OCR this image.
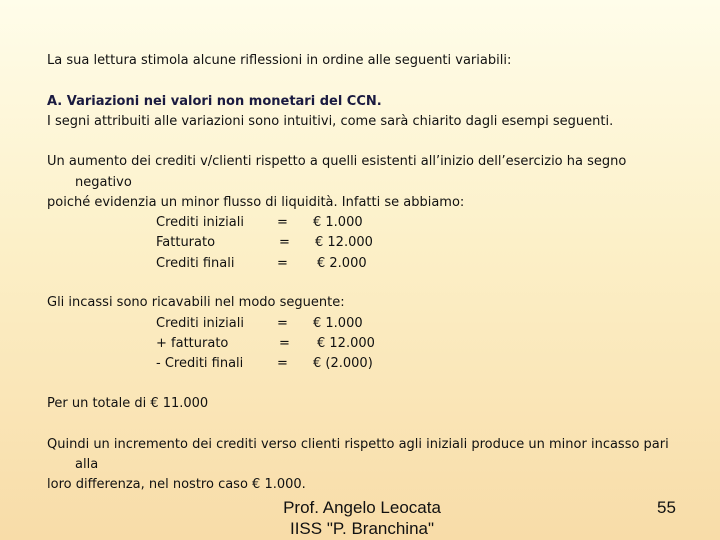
La sua lettura stimola alcune riflessioni in ordine alle seguenti variabili:
A. Variazioni nei valori non monetari del CCN.
I segni attribuiti alle variazioni sono intuitivi, come sarà chiarito dagli esempi seguenti.
Un aumento dei crediti v/clienti rispetto a quelli esistenti all’inizio dell’esercizio ha segno
negativo
poiché evidenzia un minor flusso di liquidità. Infatti se abbiamo:
Crediti iniziali	= € 1.000
Fatturato	= € 12.000
Crediti finali	= € 2.000
Gli incassi sono ricavabili nel modo seguente:
Crediti iniziali	= € 1.000
+ fatturato	= € 12.000
- Crediti finali	= € (2.000)
Per un totale di € 11.000
Quindi un incremento dei crediti verso clienti rispetto agli iniziali produce un minor incasso pari
alla
loro differenza, nel nostro caso € 1.000.
Prof. Angelo Leocata
IISS "P. Branchina"
55
